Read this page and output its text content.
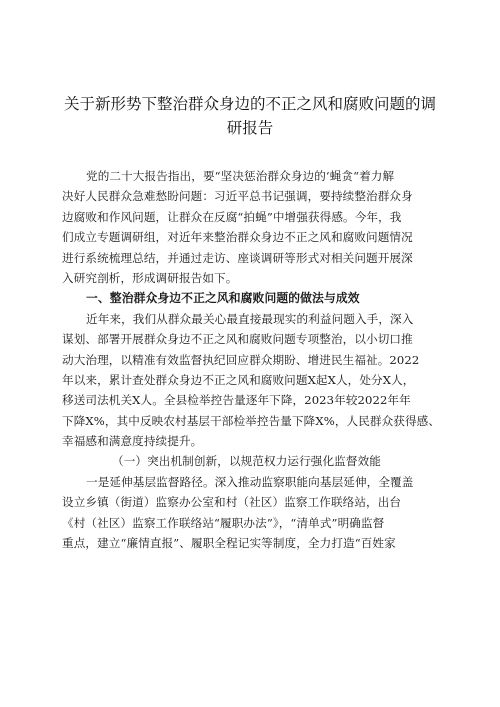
关于新形势下整治群众身边的不正之风和腐败问题的调
研报告
党的二十大报告指出，要“坚决惩治群众身边的‘蝇贪“着力解
决好人民群众急难愁盼问题：习近平总书记强调，要持续整治群众身
边腐败和作风问题，让群众在反腐“拍蝇”中增强获得感。今年，我
们成立专题调研组，对近年来整治群众身边不正之风和腐败问题情况
进行系统梳理总结，并通过走访、座谈调研等形式对相关问题开展深
入研究剖析，形成调研报告如下。
一、整治群众身边不正之风和腐败问题的做法与成效
近年来，我们从群众最关心最直接最现实的利益问题入手，深入
谋划、部署开展群众身边不正之风和腐败问题专项整治，以小切口推
动大治理，以精准有效监督执纪回应群众期盼、增进民生福祉。2022
年以来，累计查处群众身边不正之风和腐败问题X起X人，处分X人，
移送司法机关X人。全县检举控告量逐年下降，2023年较2022年年
下降X%，其中反映农村基层干部检举控告量下降X%，人民群众获得感、
幸福感和满意度持续提升。
（一）突出机制创新，以规范权力运行强化监督效能
一是延伸基层监督路径。深入推动监察职能向基层延伸，全覆盖
设立乡镇（街道）监察办公室和村（社区）监察工作联络站，出台
《村（社区）监察工作联络站“履职办法”》，“清单式”明确监督
重点，建立“廉情直报”、履职全程记实等制度，全力打造“百姓家
